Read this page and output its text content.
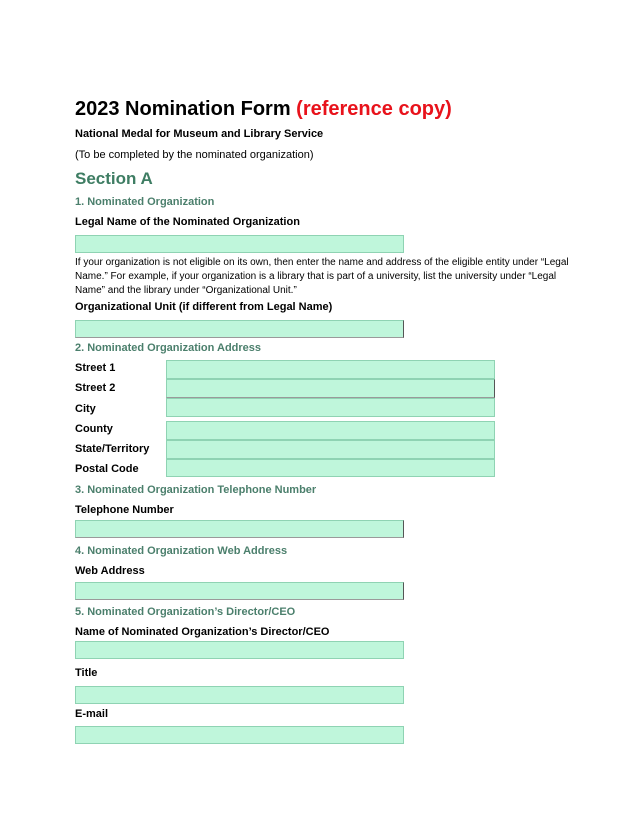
2023 Nomination Form (reference copy)
National Medal for Museum and Library Service
(To be completed by the nominated organization)
Section A
1. Nominated Organization
Legal Name of the Nominated Organization
If your organization is not eligible on its own, then enter the name and address of the eligible entity under “Legal Name.” For example, if your organization is a library that is part of a university, list the university under “Legal Name” and the library under “Organizational Unit.”
Organizational Unit (if different from Legal Name)
2. Nominated Organization Address
Street 1
Street 2
City
County
State/Territory
Postal Code
3. Nominated Organization Telephone Number
Telephone Number
4. Nominated Organization Web Address
Web Address
5. Nominated Organization’s Director/CEO
Name of Nominated Organization’s Director/CEO
Title
E-mail
